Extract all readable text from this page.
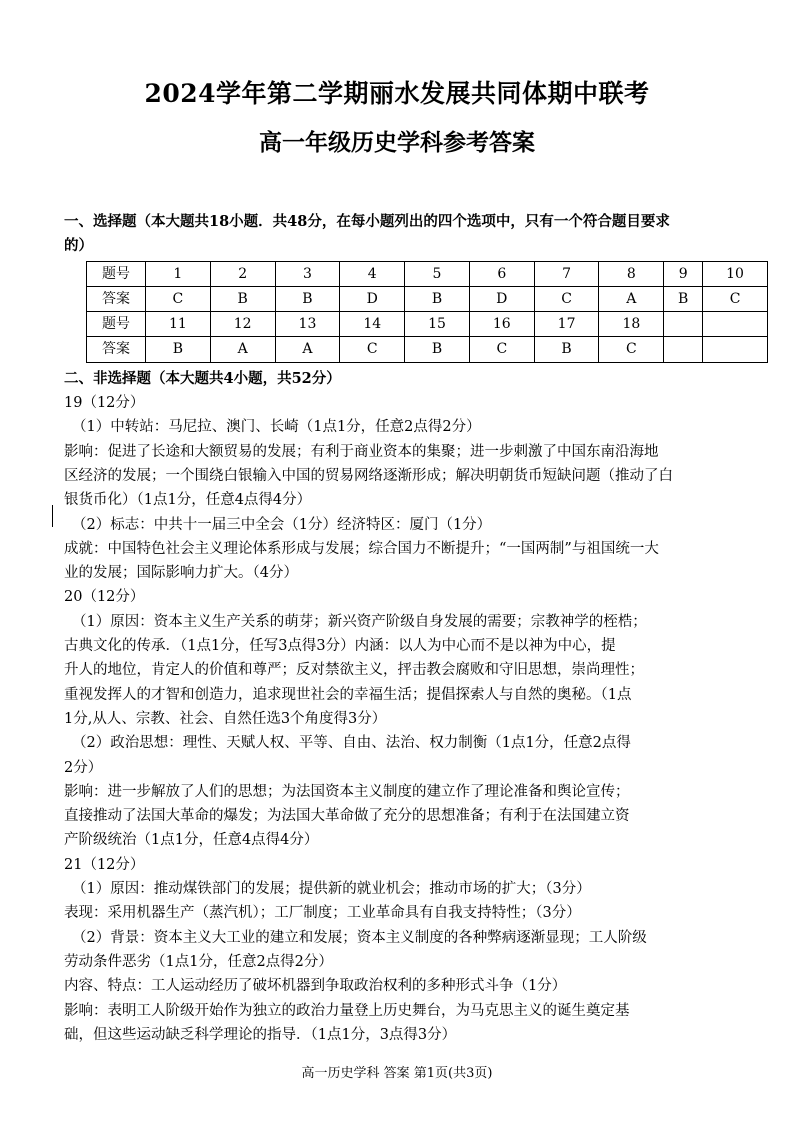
2024学年第二学期丽水发展共同体期中联考
高一年级历史学科参考答案

一、选择题（本大题共18小题．共48分，在每小题列出的四个选项中，只有一个符合题目要求

的）

题号	1	2	3	4	5	6	7	8	9	10
答案	C	B	B	D	B	D	C	A	B	C
题号	11	12	13	14	15	16	17	18		
答案	B	A	A	C	B	C	B	C		

二、非选择题（本大题共4小题，共52分）

19（12分）

（1）中转站：马尼拉、澳门、长崎（1点1分，任意2点得2分）

影响：促进了长途和大额贸易的发展；有利于商业资本的集聚；进一步刺激了中国东南沿海地

区经济的发展；一个围绕白银输入中国的贸易网络逐渐形成；解决明朝货币短缺问题（推动了白

银货币化）（1点1分，任意4点得4分）

（2）标志：中共十一届三中全会（1分）经济特区：厦门（1分）

成就：中国特色社会主义理论体系形成与发展；综合国力不断提升；“一国两制”与祖国统一大

业的发展；国际影响力扩大。（4分）

20（12分）

（1）原因：资本主义生产关系的萌芽；新兴资产阶级自身发展的需要；宗教神学的桎梏；

古典文化的传承．（1点1分，任写3点得3分）内涵：以人为中心而不是以神为中心，提

升人的地位，肯定人的价值和尊严；反对禁欲主义，抨击教会腐败和守旧思想，崇尚理性；

重视发挥人的才智和创造力，追求现世社会的幸福生活；提倡探索人与自然的奥秘。（1点

1分,从人、宗教、社会、自然任选3个角度得3分）

（2）政治思想：理性、天赋人权、平等、自由、法治、权力制衡（1点1分，任意2点得

2分）

影响：进一步解放了人们的思想；为法国资本主义制度的建立作了理论准备和舆论宣传；

直接推动了法国大革命的爆发；为法国大革命做了充分的思想准备；有利于在法国建立资

产阶级统治（1点1分，任意4点得4分）

21（12分）

（1）原因：推动煤铁部门的发展；提供新的就业机会；推动市场的扩大；（3分）

表现：采用机器生产（蒸汽机）；工厂制度；工业革命具有自我支持特性；（3分）

（2）背景：资本主义大工业的建立和发展；资本主义制度的各种弊病逐渐显现；工人阶级

劳动条件恶劣（1点1分，任意2点得2分）

内容、特点：工人运动经历了破坏机器到争取政治权利的多种形式斗争（1分）

影响：表明工人阶级开始作为独立的政治力量登上历史舞台，为马克思主义的诞生奠定基

础，但这些运动缺乏科学理论的指导．（1点1分，3点得3分）

高一历史学科 答案 第1页(共3页)
